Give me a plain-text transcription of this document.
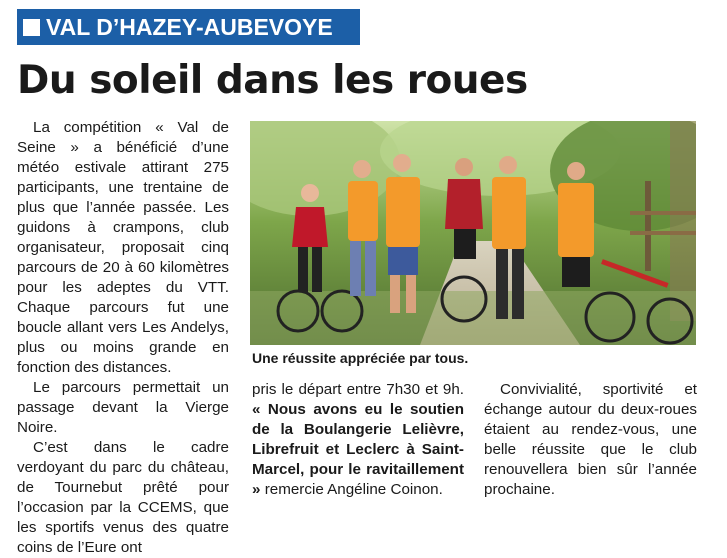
VAL D’HAZEY-AUBEVOYE
Du soleil dans les roues

La compétition « Val de Seine » a bénéficié d’une météo estivale attirant 275 participants, une trentaine de plus que l’année passée. Les guidons à crampons, club organisateur, proposait cinq parcours de 20 à 60 kilomètres pour les adeptes du VTT. Chaque parcours fut une boucle allant vers Les Andelys, plus ou moins grande en fonction des distances.

Le parcours permettait un passage devant la Vierge Noire.

C’est dans le cadre verdoyant du parc du château, de Tournebut prêté pour l’occasion par la CCEMS, que les sportifs venus des quatre coins de l’Eure ont

Une réussite appréciée par tous.

pris le départ entre 7h30 et 9h. « Nous avons eu le soutien de la Boulangerie Lelièvre, Librefruit et Leclerc à Saint-Marcel, pour le ravitaillement » remercie Angéline Coinon.

Convivialité, sportivité et échange autour du deux-roues étaient au rendez-vous, une belle réussite que le club renouvellera bien sûr l’année prochaine.
